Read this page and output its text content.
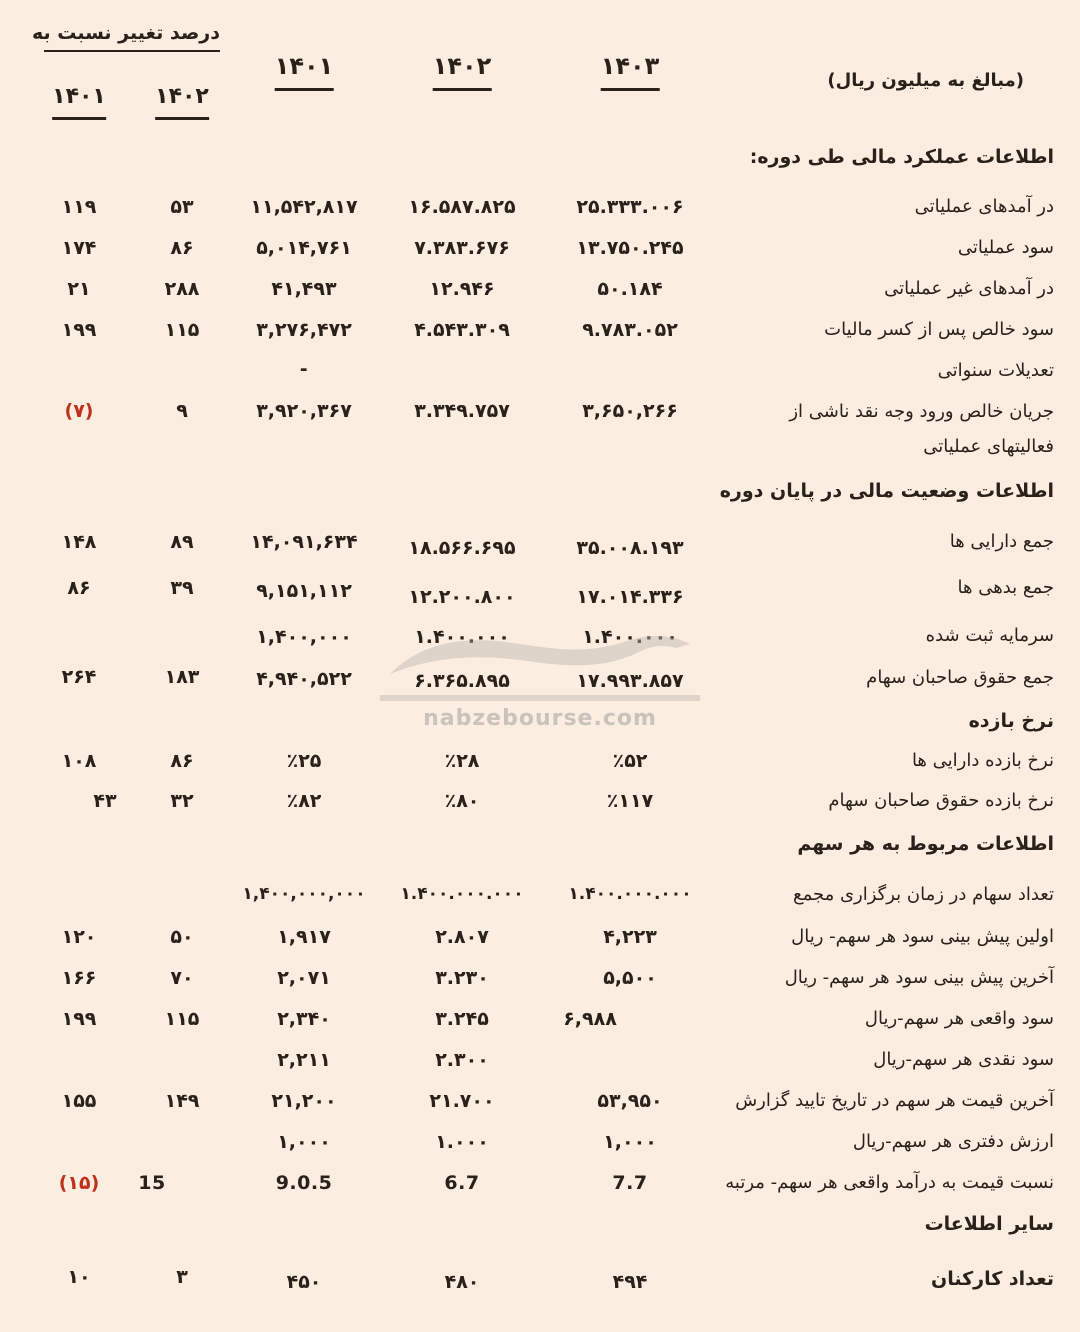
(مبالغ به میلیون ریال)
۱۴۰۳
۱۴۰۲
۱۴۰۱
درصد تغییر نسبت به
۱۴۰۲
۱۴۰۱
اطلاعات عملکرد مالی طی دوره:
در آمدهای عملیاتی
۲۵.۳۳۳.۰۰۶
۱۶.۵۸۷.۸۲۵
۱۱,۵۴۲,۸۱۷
۵۳
۱۱۹
سود عملیاتی
۱۳.۷۵۰.۲۴۵
۷.۳۸۳.۶۷۶
۵,۰۱۴,۷۶۱
۸۶
۱۷۴
در آمدهای غیر عملیاتی
۵۰.۱۸۴
۱۲.۹۴۶
۴۱,۴۹۳
۲۸۸
۲۱
سود خالص پس از کسر مالیات
۹.۷۸۳.۰۵۲
۴.۵۴۳.۳۰۹
۳,۲۷۶,۴۷۲
۱۱۵
۱۹۹
تعدیلات سنواتی
-
جریان خالص ورود وجه نقد ناشی از
فعالیتهای عملیاتی
۳,۶۵۰,۲۶۶
۳.۳۴۹.۷۵۷
۳,۹۲۰,۳۶۷
۹
(۷)
اطلاعات وضعیت مالی در پایان دوره
جمع دارایی ها
۳۵.۰۰۸.۱۹۳
۱۸.۵۶۶.۶۹۵
۱۴,۰۹۱,۶۳۴
۸۹
۱۴۸
جمع بدهی ها
۱۷.۰۱۴.۳۳۶
۱۲.۲۰۰.۸۰۰
۹,۱۵۱,۱۱۲
۳۹
۸۶
سرمایه ثبت شده
۱.۴۰۰.۰۰۰
۱.۴۰۰.۰۰۰
۱,۴۰۰,۰۰۰
جمع حقوق صاحبان سهام
۱۷.۹۹۳.۸۵۷
۶.۳۶۵.۸۹۵
۴,۹۴۰,۵۲۲
۱۸۳
۲۶۴
نرخ بازده
نرخ بازده دارایی ها
٪۵۲
٪۲۸
٪۲۵
۸۶
۱۰۸
نرخ بازده حقوق صاحبان سهام
٪۱۱۷
٪۸۰
٪۸۲
۳۲
۴۳
اطلاعات مربوط به هر سهم
تعداد سهام در زمان برگزاری مجمع
۱.۴۰۰.۰۰۰.۰۰۰
۱.۴۰۰.۰۰۰.۰۰۰
۱,۴۰۰,۰۰۰,۰۰۰
اولین پیش بینی سود هر سهم- ریال
۴,۲۲۳
۲.۸۰۷
۱,۹۱۷
۵۰
۱۲۰
آخرین پیش بینی سود هر سهم- ریال
۵,۵۰۰
۳.۲۳۰
۲,۰۷۱
۷۰
۱۶۶
سود واقعی هر سهم-ریال
۶,۹۸۸
۳.۲۴۵
۲,۳۴۰
۱۱۵
۱۹۹
سود نقدی هر سهم-ریال
۲.۳۰۰
۲,۲۱۱
آخرین قیمت هر سهم در تاریخ تایید گزارش
۵۳,۹۵۰
۲۱.۷۰۰
۲۱,۲۰۰
۱۴۹
۱۵۵
ارزش دفتری هر سهم-ریال
۱,۰۰۰
۱.۰۰۰
۱,۰۰۰
نسبت قیمت به درآمد واقعی هر سهم- مرتبه
7.7
6.7
9.0.5
15
(۱۵)
سایر اطلاعات
تعداد کارکنان
۴۹۴
۴۸۰
۴۵۰
۳
۱۰
nabzebourse.com
